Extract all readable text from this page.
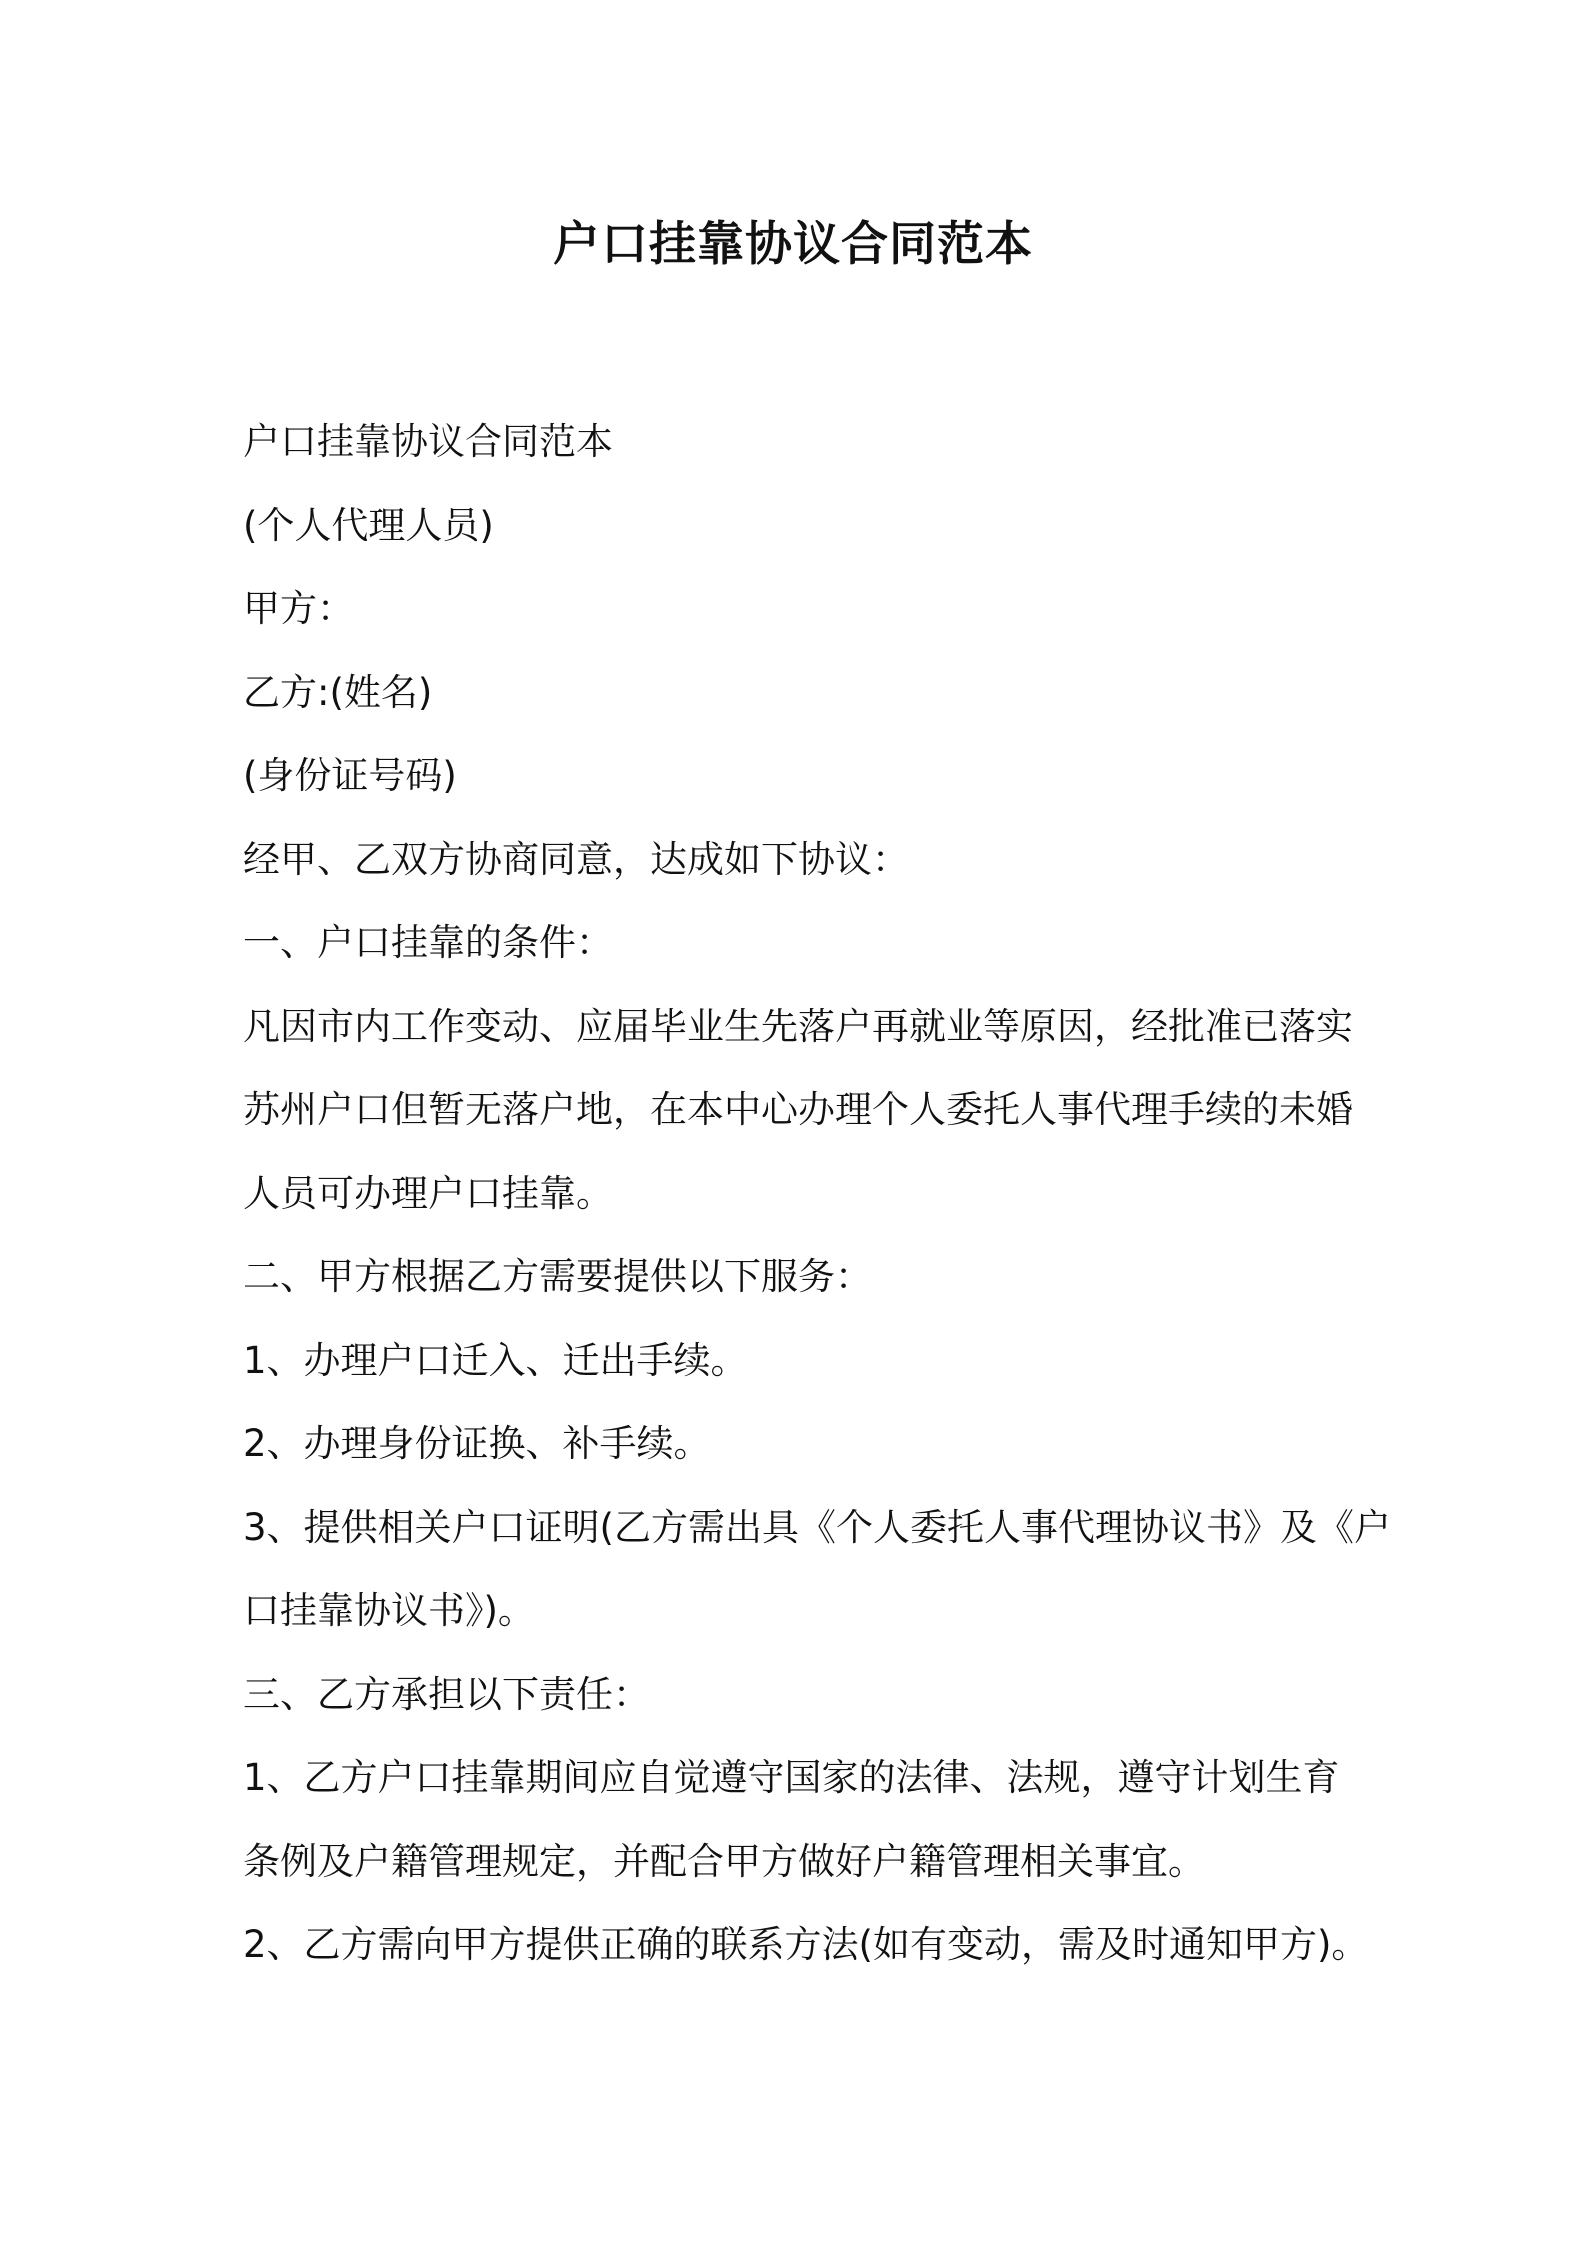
户口挂靠协议合同范本
户口挂靠协议合同范本
(个人代理人员)
甲方：
乙方:(姓名)
(身份证号码)
经甲、乙双方协商同意，达成如下协议：
一、户口挂靠的条件：
凡因市内工作变动、应届毕业生先落户再就业等原因，经批准已落实
苏州户口但暂无落户地，在本中心办理个人委托人事代理手续的未婚
人员可办理户口挂靠。
二、甲方根据乙方需要提供以下服务：
1、办理户口迁入、迁出手续。
2、办理身份证换、补手续。
3、提供相关户口证明(乙方需出具《个人委托人事代理协议书》及《户
口挂靠协议书》)。
三、乙方承担以下责任：
1、乙方户口挂靠期间应自觉遵守国家的法律、法规，遵守计划生育
条例及户籍管理规定，并配合甲方做好户籍管理相关事宜。
2、乙方需向甲方提供正确的联系方法(如有变动，需及时通知甲方)。
